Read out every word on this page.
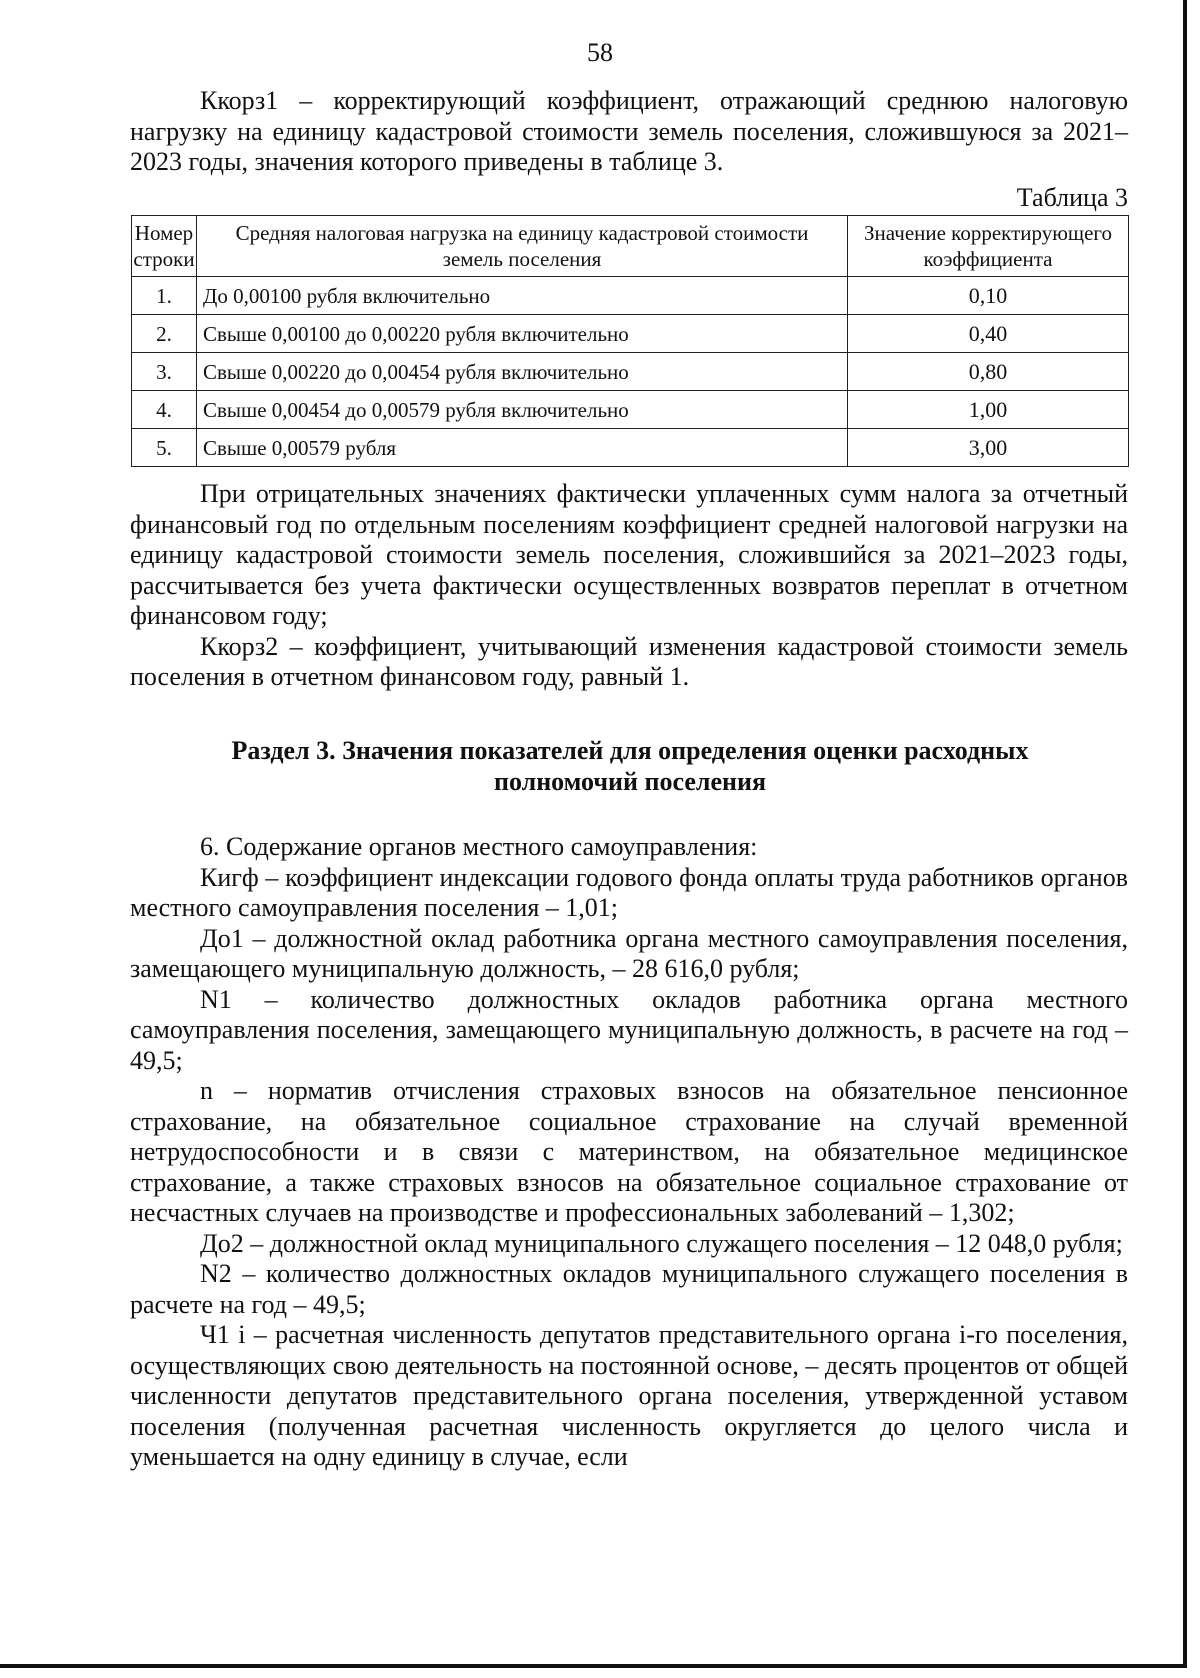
58

Ккорз1 – корректирующий коэффициент, отражающий среднюю налоговую нагрузку на единицу кадастровой стоимости земель поселения, сложившуюся за 2021–2023 годы, значения которого приведены в таблице 3.

Таблица 3
Номер строки	Средняя налоговая нагрузка на единицу кадастровой стоимости земель поселения	Значение корректирующего коэффициента
1.	До 0,00100 рубля включительно	0,10
2.	Свыше 0,00100 до 0,00220 рубля включительно	0,40
3.	Свыше 0,00220 до 0,00454 рубля включительно	0,80
4.	Свыше 0,00454 до 0,00579 рубля включительно	1,00
5.	Свыше 0,00579 рубля	3,00

При отрицательных значениях фактически уплаченных сумм налога за отчетный финансовый год по отдельным поселениям коэффициент средней налоговой нагрузки на единицу кадастровой стоимости земель поселения, сложившийся за 2021–2023 годы, рассчитывается без учета фактически осуществленных возвратов переплат в отчетном финансовом году;

Ккорз2 – коэффициент, учитывающий изменения кадастровой стоимости земель поселения в отчетном финансовом году, равный 1.

Раздел 3. Значения показателей для определения оценки расходных
полномочий поселения

6. Содержание органов местного самоуправления:

Кигф – коэффициент индексации годового фонда оплаты труда работников органов местного самоуправления поселения – 1,01;

До1 – должностной оклад работника органа местного самоуправления поселения, замещающего муниципальную должность, – 28 616,0 рубля;

N1 – количество должностных окладов работника органа местного самоуправления поселения, замещающего муниципальную должность, в расчете на год – 49,5;

n – норматив отчисления страховых взносов на обязательное пенсионное страхование, на обязательное социальное страхование на случай временной нетрудоспособности и в связи с материнством, на обязательное медицинское страхование, а также страховых взносов на обязательное социальное страхование от несчастных случаев на производстве и профессиональных заболеваний – 1,302;

До2 – должностной оклад муниципального служащего поселения – 12 048,0 рубля;

N2 – количество должностных окладов муниципального служащего поселения в расчете на год – 49,5;

Ч1 i – расчетная численность депутатов представительного органа i-го поселения, осуществляющих свою деятельность на постоянной основе, – десять процентов от общей численности депутатов представительного органа поселения, утвержденной уставом поселения (полученная расчетная численность округляется до целого числа и уменьшается на одну единицу в случае, если
